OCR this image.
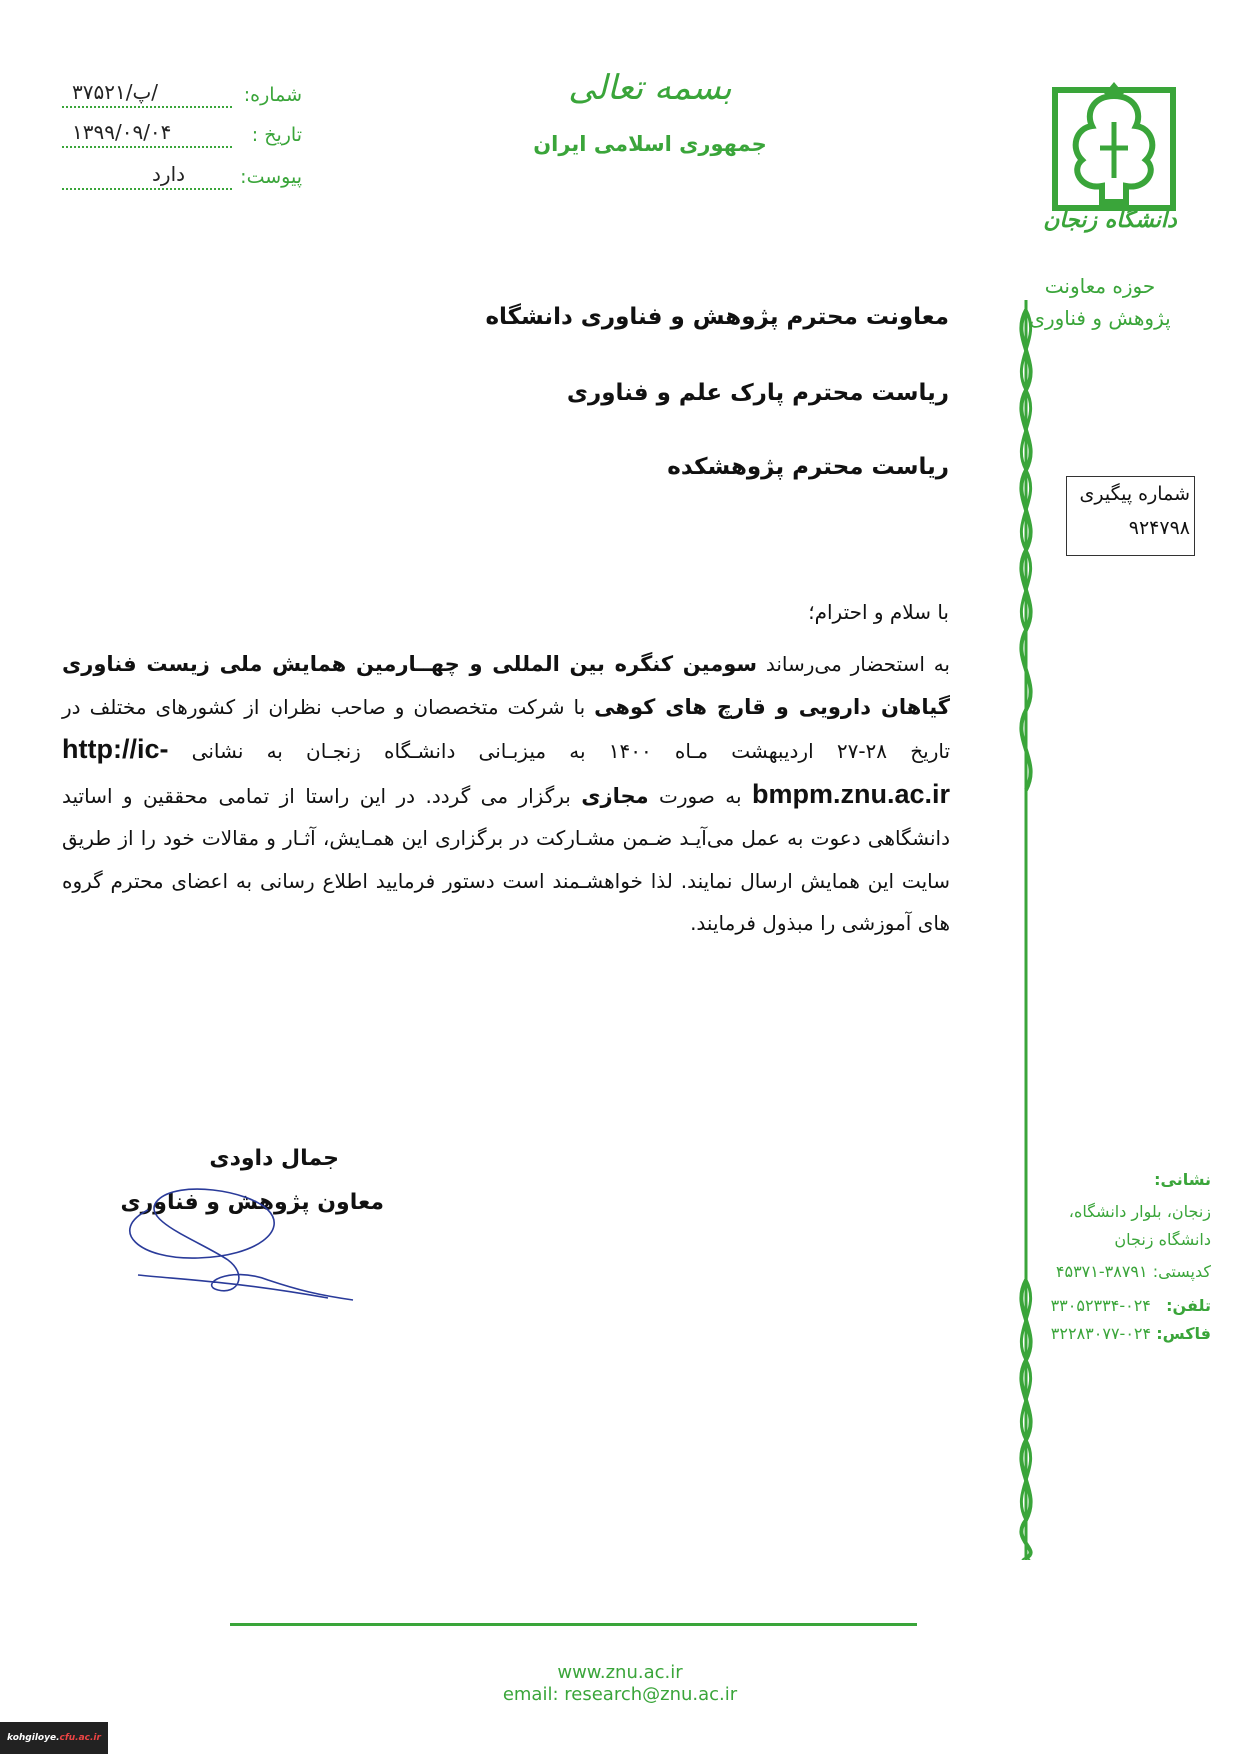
شماره:
۳۷۵۲۱/پ/
تاریخ :
۱۳۹۹/۰۹/۰۴
پیوست:
دارد
بسمه تعالی
جمهوری اسلامی ایران
دانشگاه زنجان
حوزه معاونت
پژوهش و فناوری
معاونت محترم پژوهش و فناوری دانشگاه
ریاست محترم پارک علم و فناوری
ریاست محترم پژوهشکده
شماره پیگیری
۹۲۴۷۹۸
با سلام و احترام؛
به استحضار می‌رساند سومین کنگره بین المللی و چهــارمین همایش ملی زیست فناوری گیاهان دارویی و قارچ های کوهی با شرکت متخصصان و صاحب نظران از کشورهای مختلف در تاریخ ۲۸-۲۷ اردیبهشت مـاه ۱۴۰۰ به میزبـانی دانشـگاه زنجـان به نشانی http://ic-bmpm.znu.ac.ir به صورت مجازی برگزار می گردد. در این راستا از تمامی محققین و اساتید دانشگاهی دعوت به عمل می‌آیـد ضـمن مشـارکت در برگزاری این همـایش، آثـار و مقالات خود را از طریق سایت این همایش ارسال نمایند. لذا خواهشـمند است دستور فرمایید اطلاع رسانی به اعضای محترم گروه های آموزشی را مبذول فرمایند.
جمال داودی
معاون پژوهش و فناوری
نشانی:
زنجان، بلوار دانشگاه،
دانشگاه زنجان
کدپستی: ۳۸۷۹۱-۴۵۳۷۱
تلفن:   ۰۲۴-۳۳۰۵۲۳۳۴
فاکس: ۰۲۴-۳۲۲۸۳۰۷۷
www.znu.ac.ir
email: research@znu.ac.ir
kohgiloye.cfu.ac.ir
